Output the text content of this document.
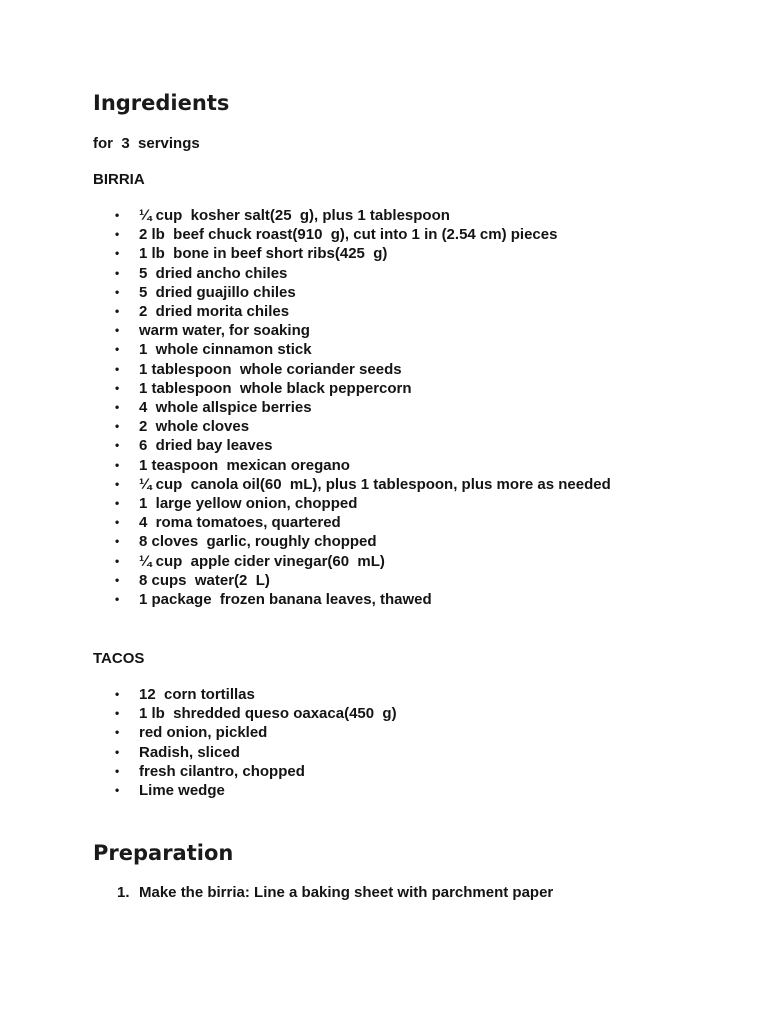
Ingredients
for  3  servings
BIRRIA
• ¼ cup  kosher salt(25  g), plus 1 tablespoon
• 2 lb  beef chuck roast(910  g), cut into 1 in (2.54 cm) pieces
• 1 lb  bone in beef short ribs(425  g)
• 5  dried ancho chiles
• 5  dried guajillo chiles
• 2  dried morita chiles
• warm water, for soaking
• 1  whole cinnamon stick
• 1 tablespoon  whole coriander seeds
• 1 tablespoon  whole black peppercorn
• 4  whole allspice berries
• 2  whole cloves
• 6  dried bay leaves
• 1 teaspoon  mexican oregano
• ¼ cup  canola oil(60  mL), plus 1 tablespoon, plus more as needed
• 1  large yellow onion, chopped
• 4  roma tomatoes, quartered
• 8 cloves  garlic, roughly chopped
• ¼ cup  apple cider vinegar(60  mL)
• 8 cups  water(2  L)
• 1 package  frozen banana leaves, thawed
TACOS
• 12  corn tortillas
• 1 lb  shredded queso oaxaca(450  g)
• red onion, pickled
• Radish, sliced
• fresh cilantro, chopped
• Lime wedge
Preparation
1. Make the birria: Line a baking sheet with parchment paper
